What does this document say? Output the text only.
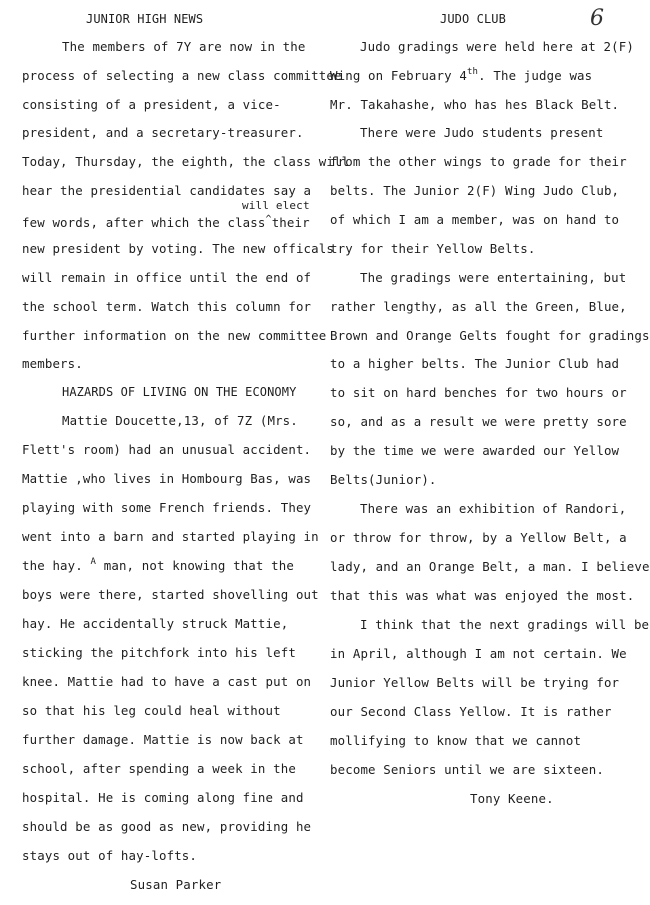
6
JUNIOR HIGH NEWS
The members of 7Y are now in the
process of selecting a new class committee
consisting of a president, a vice-
president, and a secretary-treasurer.
Today, Thursday, the eighth, the class will
hear the presidential candidates say a
will elect
few words, after which the class^their
new president by voting. The new officals
will remain in office until the end of
the school term. Watch this column for
further information on the new committee
members.
HAZARDS OF LIVING ON THE ECONOMY
Mattie Doucette,13, of 7Z (Mrs.
Flett's room) had an unusual accident.
Mattie ,who lives in Hombourg Bas, was
playing with some French friends. They
went into a barn and started playing in
the hay. $^A$ man, not knowing that the
boys were there, started shovelling out
hay. He accidentally struck Mattie,
sticking the pitchfork into his left
knee. Mattie had to have a cast put on
so that his leg could heal without
further damage. Mattie is now back at
school, after spending a week in the
hospital. He is coming along fine and
should be as good as new, providing he
stays out of hay-lofts.
Susan Parker
JUDO CLUB
Judo gradings were held here at 2(F)
Wing on February 4th. The judge was
Mr. Takahashe, who has hes Black Belt.
There were Judo students present
from the other wings to grade for their
belts. The Junior 2(F) Wing Judo Club,
of which I am a member, was on hand to
try for their Yellow Belts.
The gradings were entertaining, but
rather lengthy, as all the Green, Blue,
Brown and Orange Gelts fought for gradings
to a higher belts. The Junior Club had
to sit on hard benches for two hours or
so, and as a result we were pretty sore
by the time we were awarded our Yellow
Belts(Junior).
There was an exhibition of Randori,
or throw for throw, by a Yellow Belt, a
lady, and an Orange Belt, a man. I believe
that this was what was enjoyed the most.
I think that the next gradings will be
in April, although I am not certain. We
Junior Yellow Belts will be trying for
our Second Class Yellow. It is rather
mollifying to know that we cannot
become Seniors until we are sixteen.
Tony Keene.
